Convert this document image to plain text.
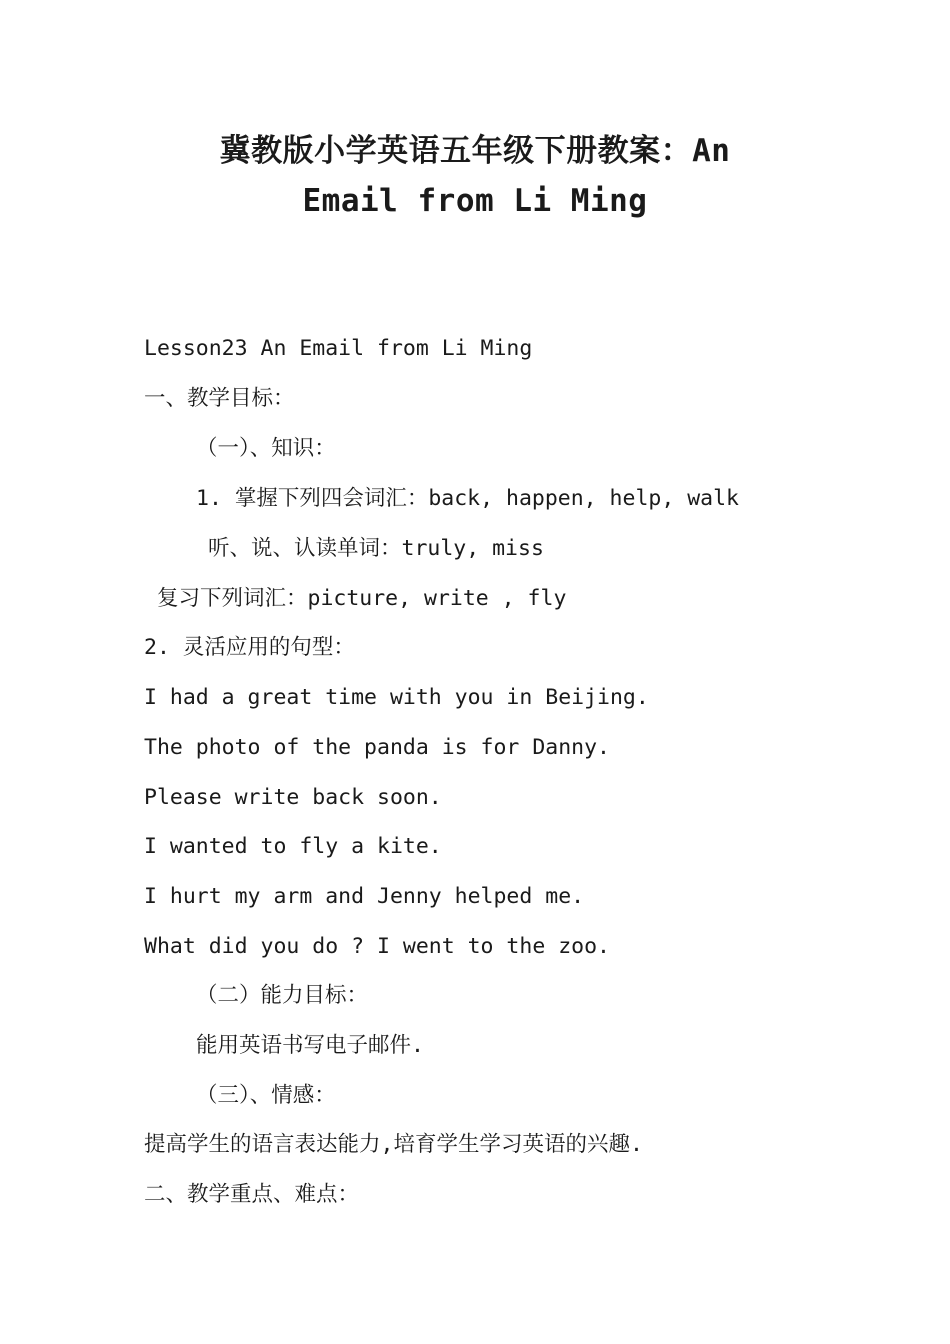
冀教版小学英语五年级下册教案：An
Email from Li Ming
Lesson23 An Email from Li Ming
一、教学目标：
（一）、知识：
1. 掌握下列四会词汇：back, happen, help, walk
听、说、认读单词：truly, miss
复习下列词汇：picture, write , fly
2. 灵活应用的句型：
I had a great time with you in Beijing.
The photo of the panda is for Danny.
Please write back soon.
I wanted to fly a kite.
I hurt my arm and Jenny helped me.
What did you do ? I went to the zoo.
（二）能力目标：
能用英语书写电子邮件.
（三）、情感：
提高学生的语言表达能力,培育学生学习英语的兴趣.
二、教学重点、难点：
